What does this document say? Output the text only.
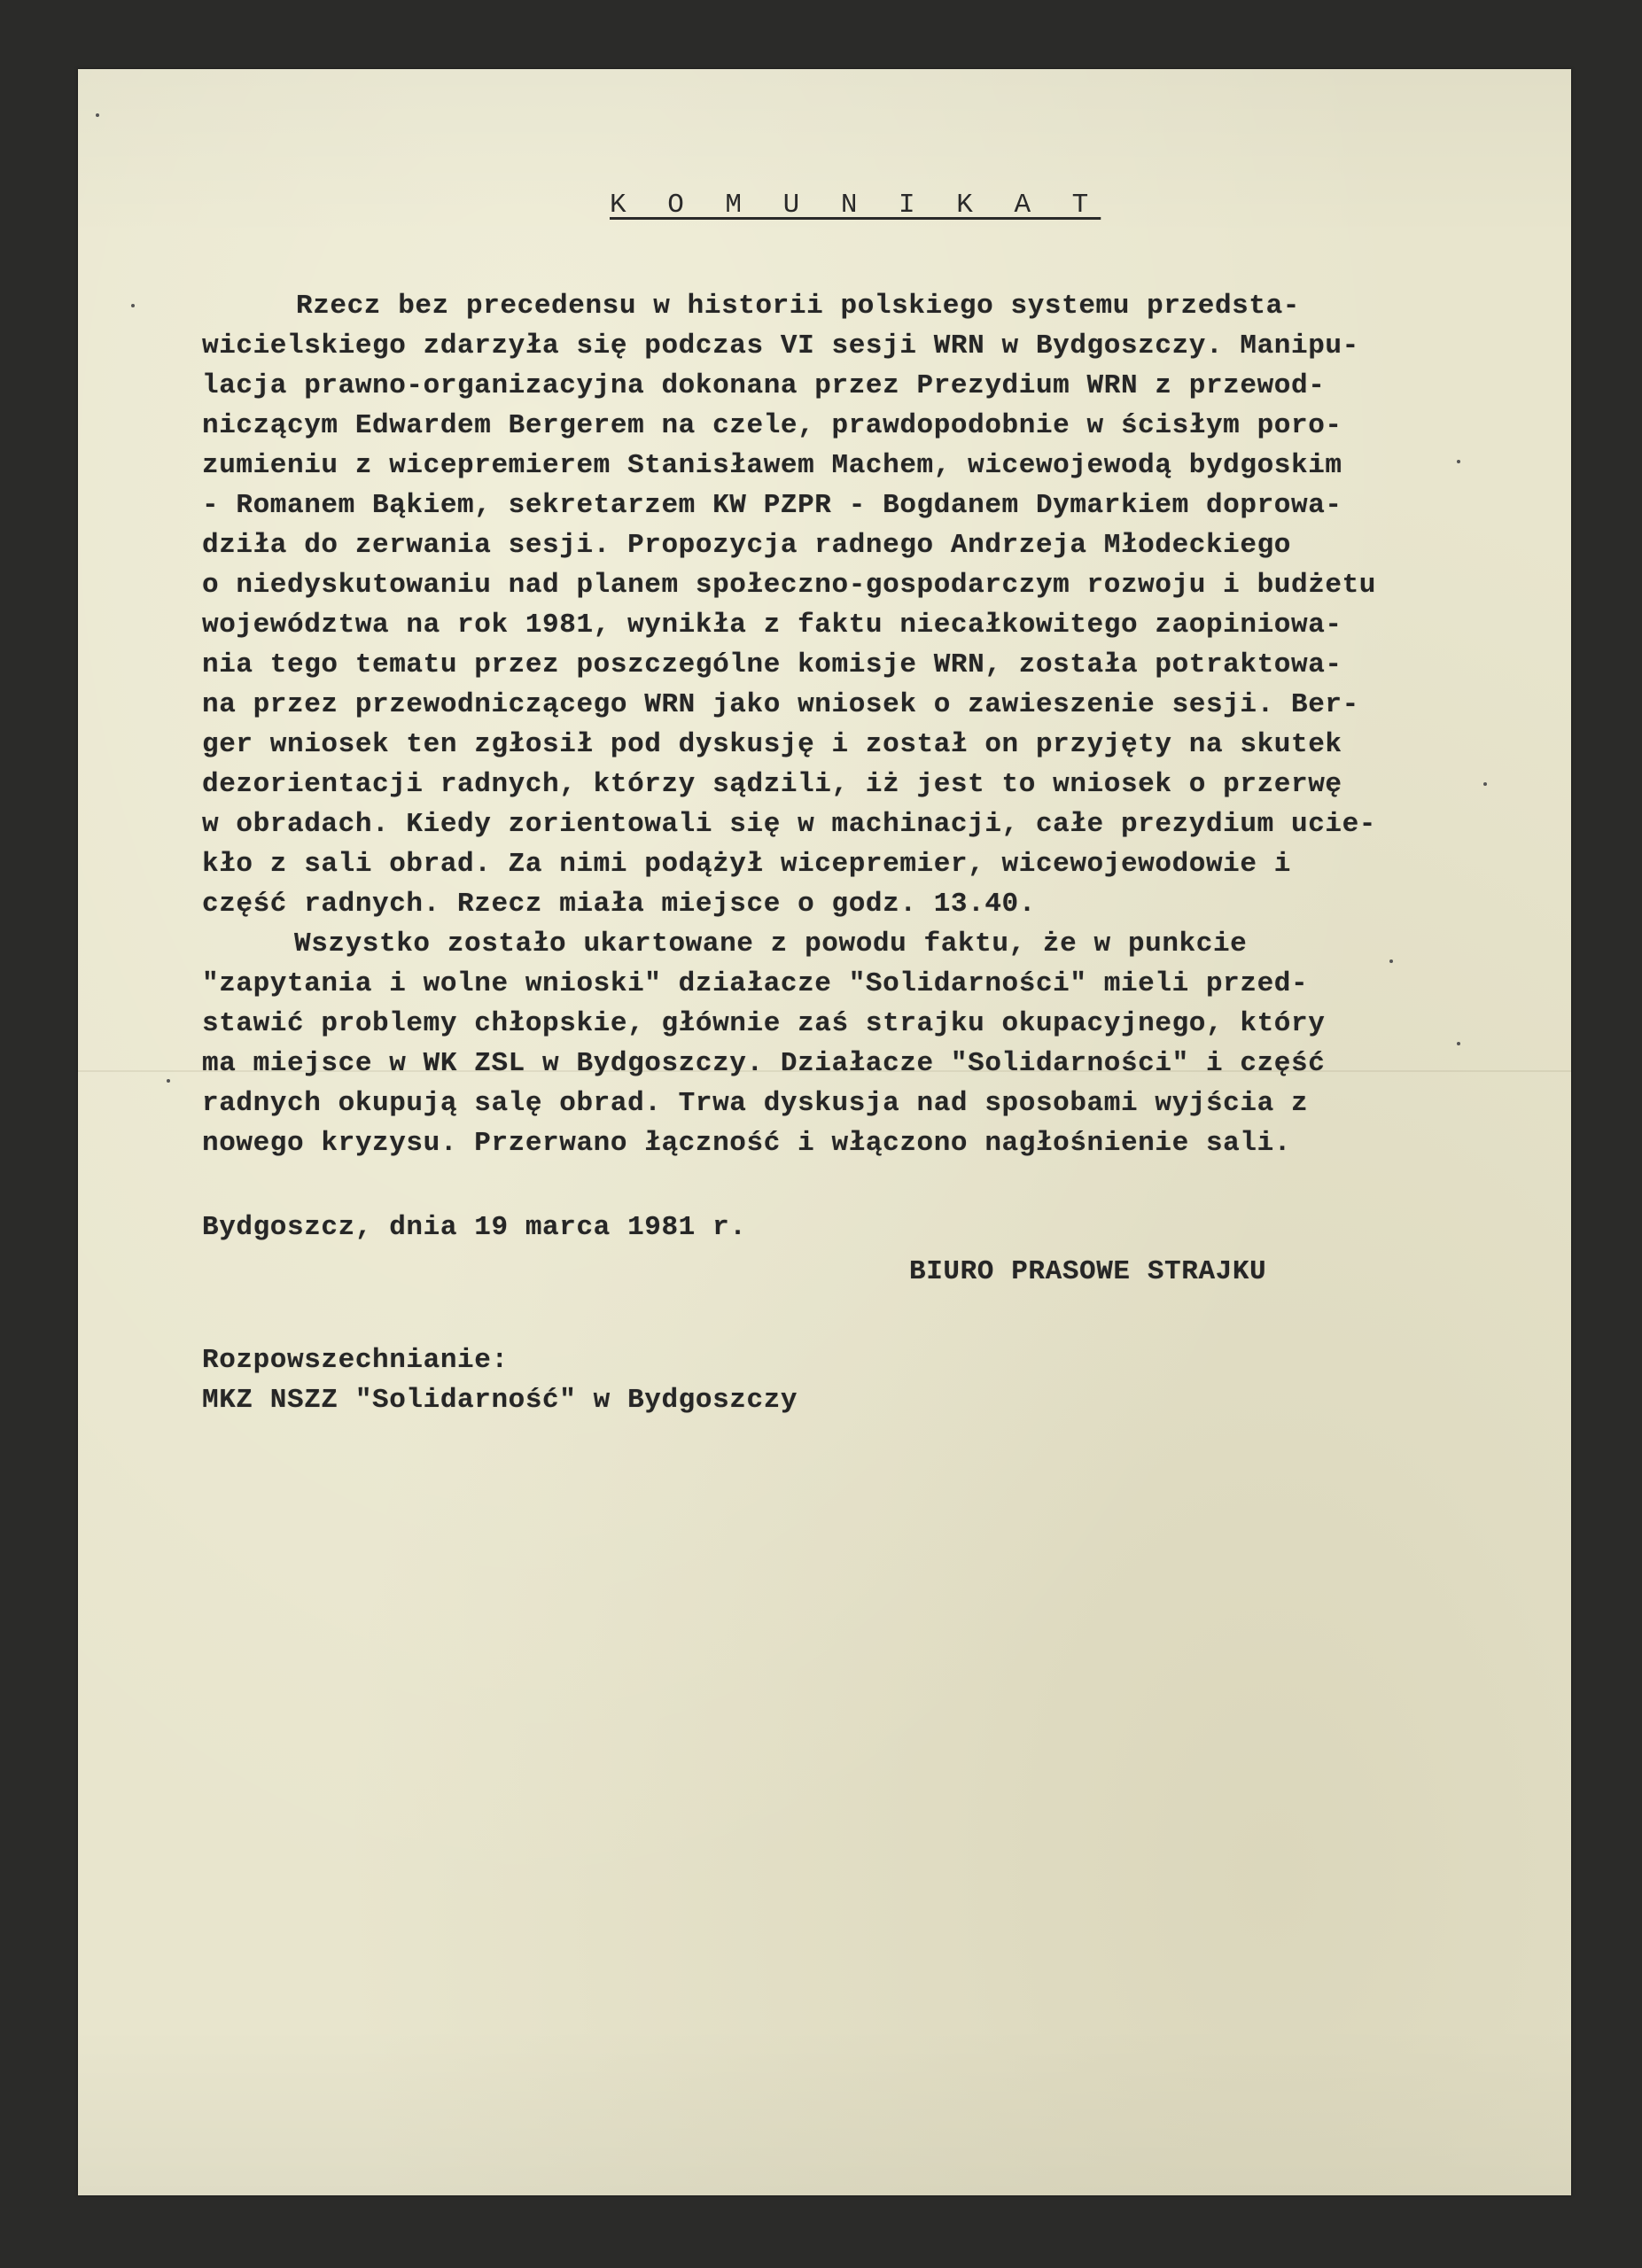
K O M U N I K A T
Rzecz bez precedensu w historii polskiego systemu przedsta-
wicielskiego zdarzyła się podczas VI sesji WRN w Bydgoszczy. Manipu-
lacja prawno-organizacyjna dokonana przez Prezydium WRN z przewod-
niczącym Edwardem Bergerem na czele, prawdopodobnie w ścisłym poro-
zumieniu z wicepremierem Stanisławem Machem, wicewojewodą bydgoskim
- Romanem Bąkiem, sekretarzem KW PZPR - Bogdanem Dymarkiem doprowa-
dziła do zerwania sesji. Propozycja radnego Andrzeja Młodeckiego
o niedyskutowaniu nad planem społeczno-gospodarczym rozwoju i budżetu
województwa na rok 1981, wynikła z faktu niecałkowitego zaopiniowa-
nia tego tematu przez poszczególne komisje WRN, została potraktowa-
na przez przewodniczącego WRN jako wniosek o zawieszenie sesji. Ber-
ger wniosek ten zgłosił pod dyskusję i został on przyjęty na skutek
dezorientacji radnych, którzy sądzili, iż jest to wniosek o przerwę
w obradach. Kiedy zorientowali się w machinacji, całe prezydium ucie-
kło z sali obrad. Za nimi podążył wicepremier, wicewojewodowie i
część radnych. Rzecz miała miejsce o godz. 13.40.
Wszystko zostało ukartowane z powodu faktu, że w punkcie
"zapytania i wolne wnioski" działacze "Solidarności" mieli przed-
stawić problemy chłopskie, głównie zaś strajku okupacyjnego, który
ma miejsce w WK ZSL w Bydgoszczy. Działacze "Solidarności" i część
radnych okupują salę obrad. Trwa dyskusja nad sposobami wyjścia z
nowego kryzysu. Przerwano łączność i włączono nagłośnienie sali.
Bydgoszcz, dnia 19 marca 1981 r.
BIURO PRASOWE STRAJKU
Rozpowszechnianie:
MKZ NSZZ "Solidarność" w Bydgoszczy
